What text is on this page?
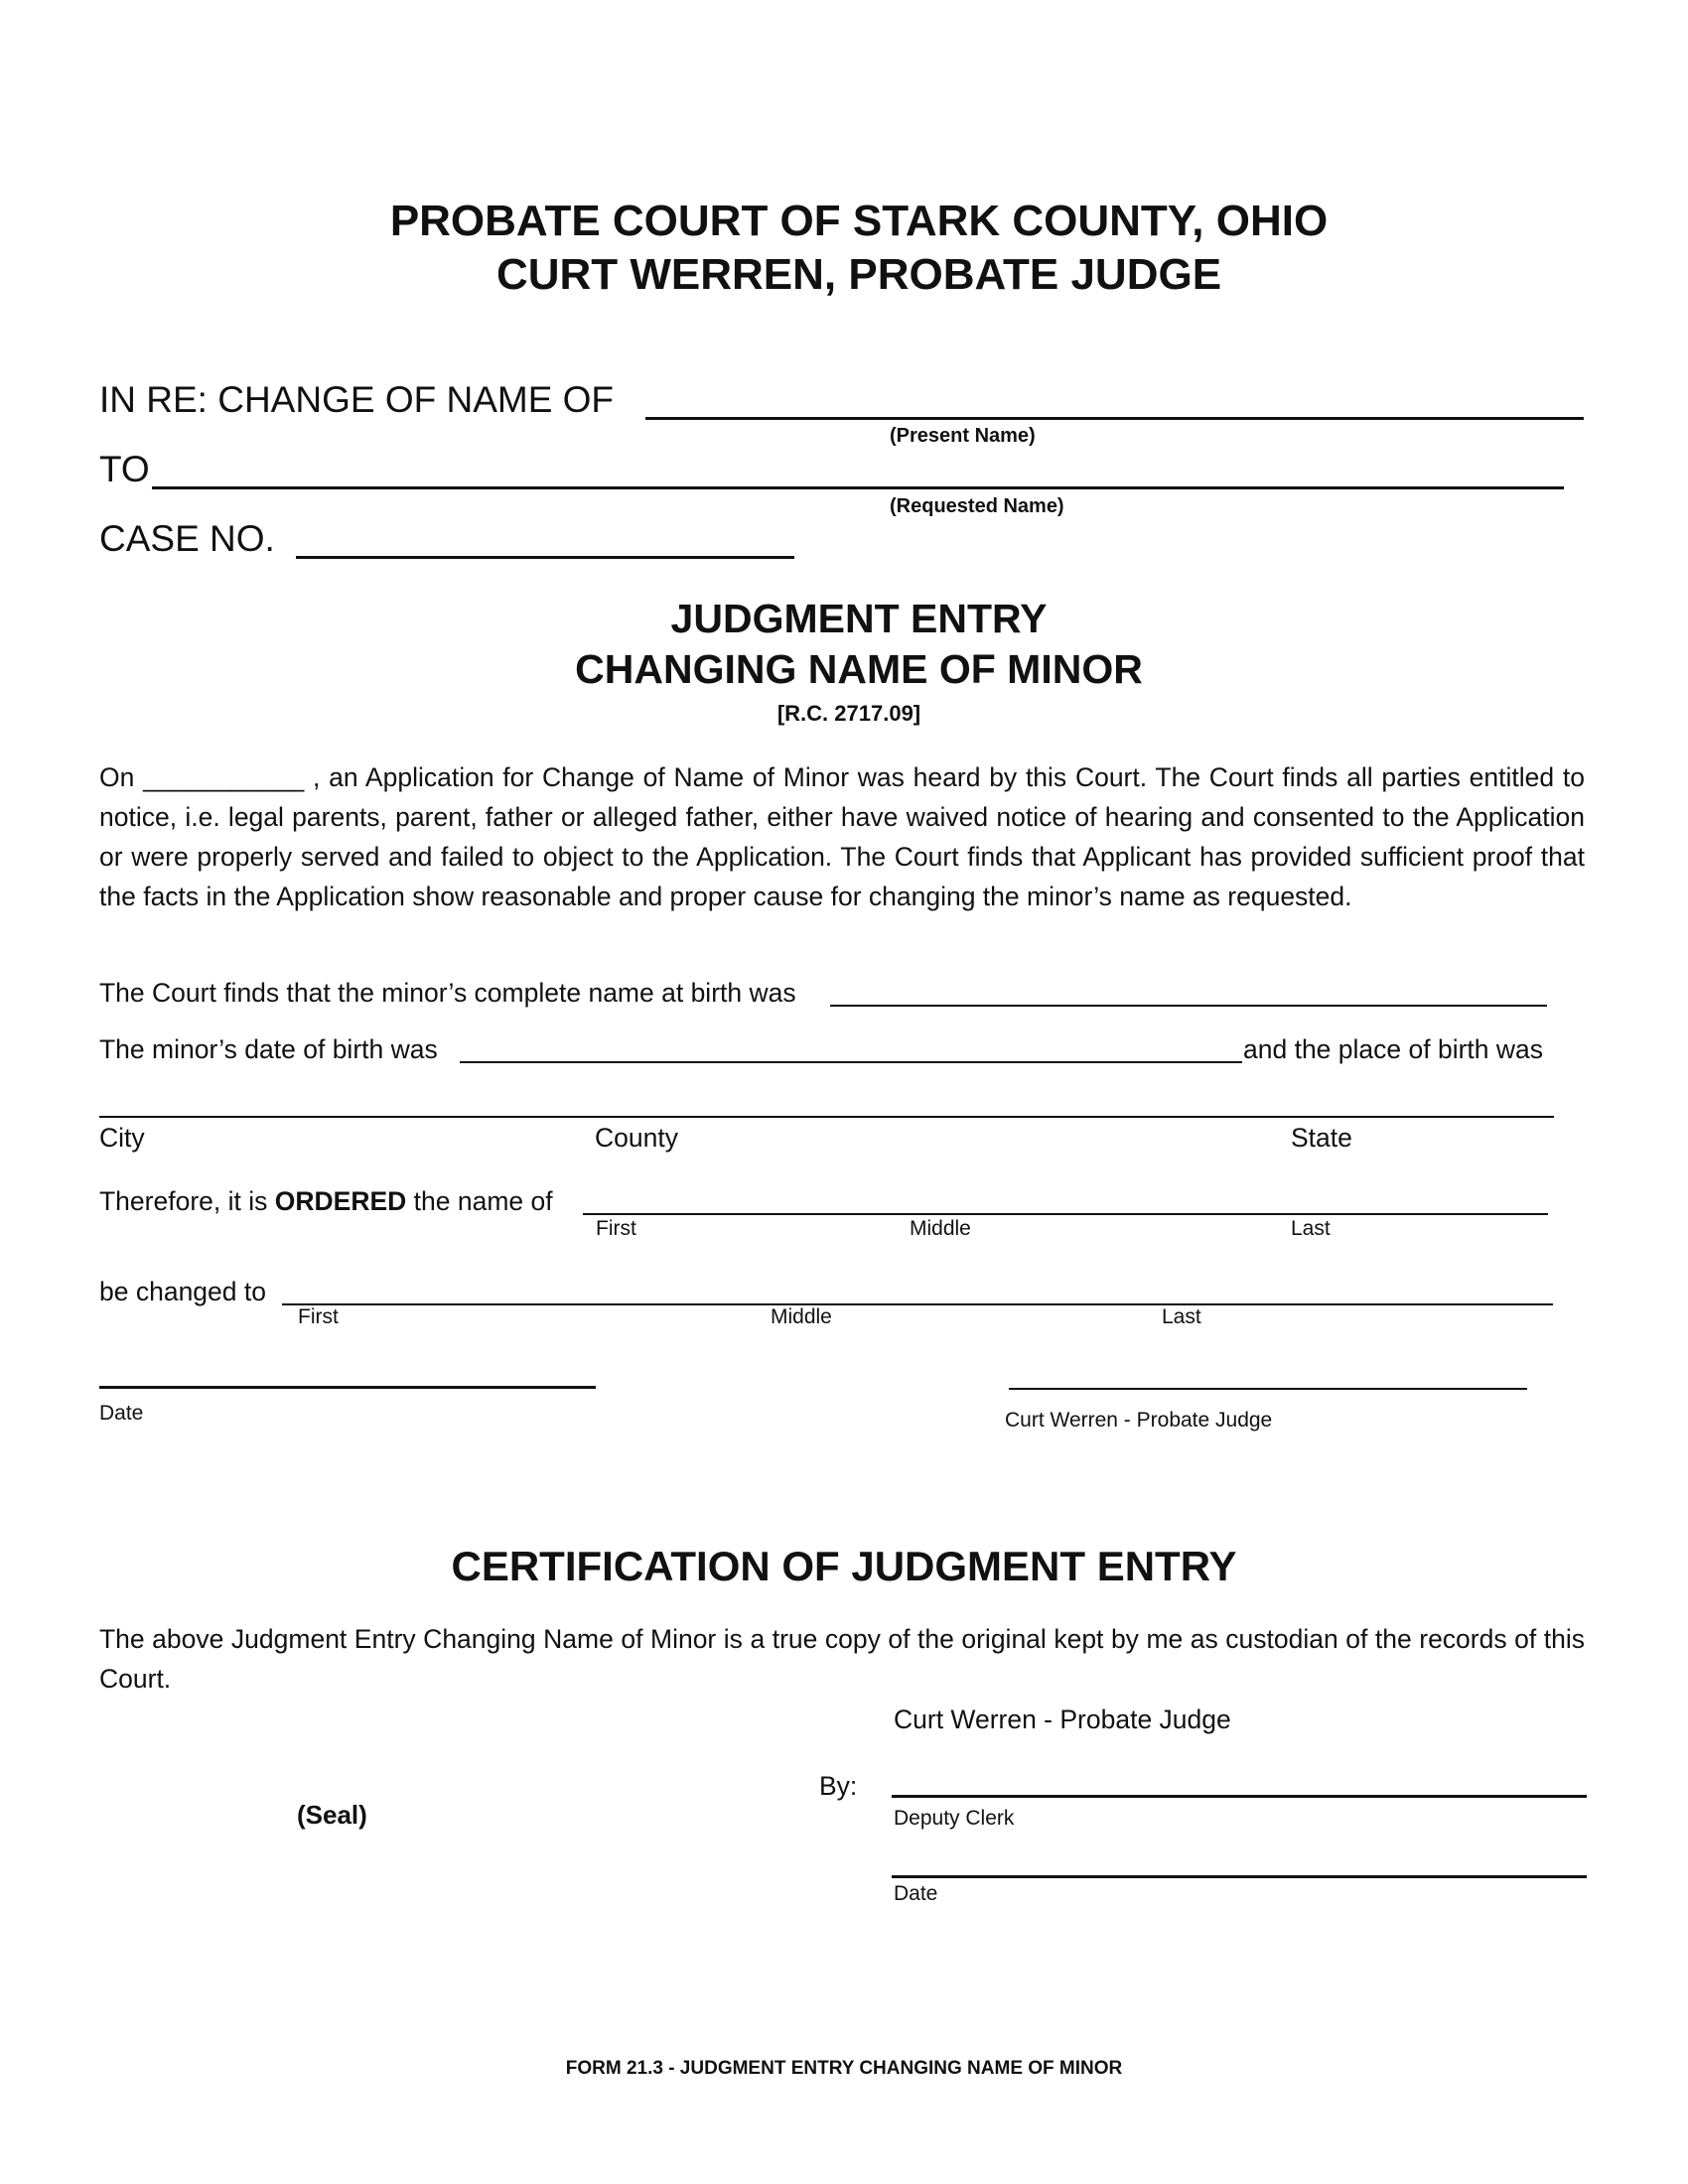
PROBATE COURT OF STARK COUNTY, OHIO
CURT WERREN, PROBATE JUDGE
IN RE: CHANGE OF NAME OF
(Present Name)
TO
(Requested Name)
CASE NO.
JUDGMENT ENTRY
CHANGING NAME OF MINOR
[R.C. 2717.09]
On ___________ , an Application for Change of Name of Minor was heard by this Court. The Court finds all parties entitled to notice, i.e. legal parents, parent, father or alleged father, either have waived notice of hearing and consented to the Application or were properly served and failed to object to the Application. The Court finds that Applicant has provided sufficient proof that the facts in the Application show reasonable and proper cause for changing the minor’s name as requested.
The Court finds that the minor’s complete name at birth was
The minor’s date of birth was	and the place of birth was
City	County	State
Therefore, it is ORDERED the name of
First	Middle	Last
be changed to
First	Middle	Last
Date	Curt Werren - Probate Judge
CERTIFICATION OF JUDGMENT ENTRY
The above Judgment Entry Changing Name of Minor is a true copy of the original kept by me as custodian of the records of this Court.
Curt Werren - Probate Judge
By:
Deputy Clerk
(Seal)
Date
FORM 21.3 - JUDGMENT ENTRY CHANGING NAME OF MINOR
